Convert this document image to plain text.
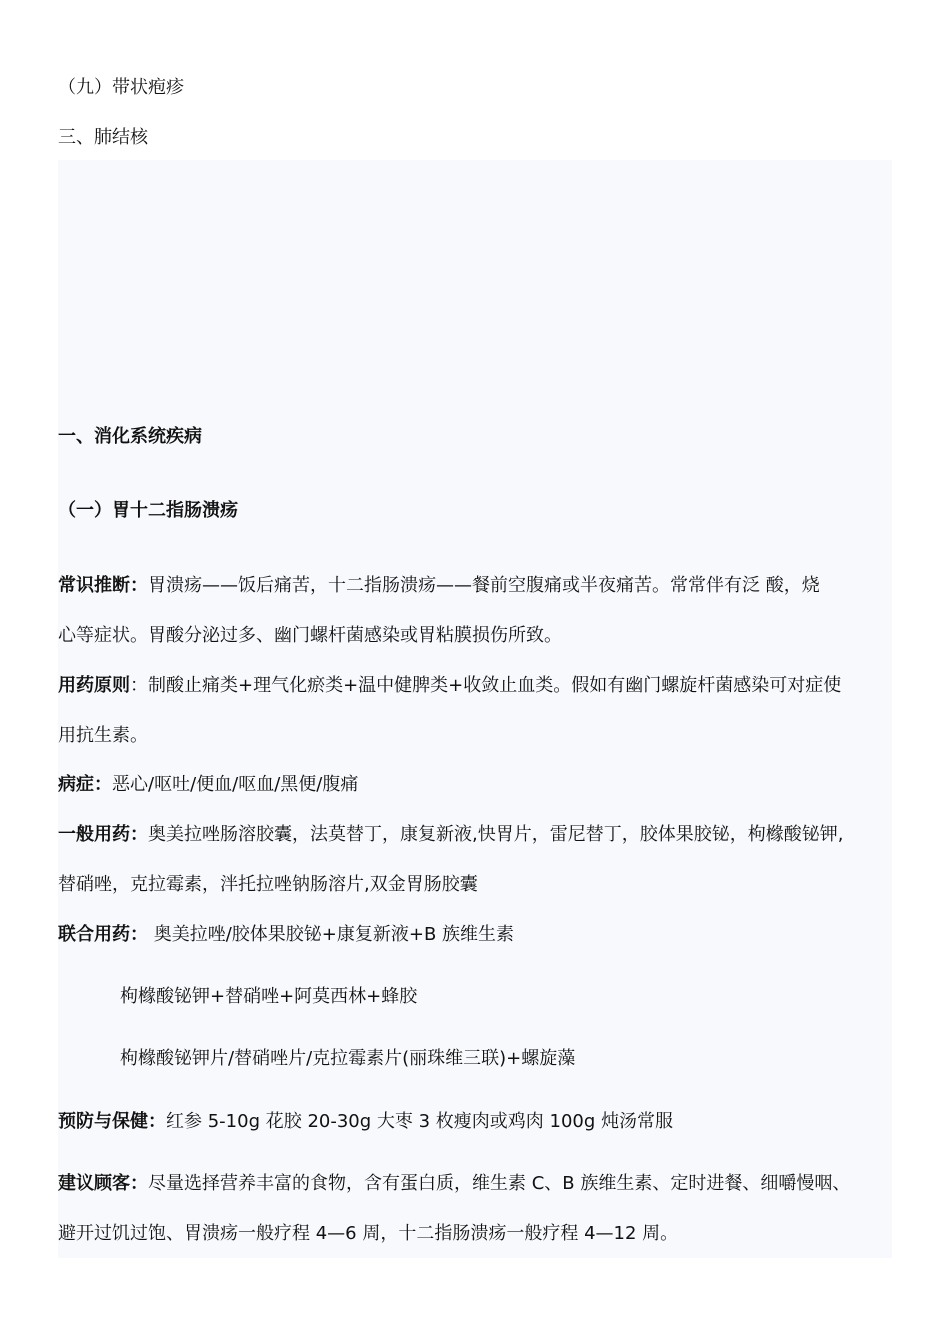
（九）带状疱疹
三、肺结核
一、消化系统疾病
（一）胃十二指肠溃疡
常识推断：胃溃疡——饭后痛苦，十二指肠溃疡——餐前空腹痛或半夜痛苦。常常伴有泛 酸，烧
心等症状。胃酸分泌过多、幽门螺杆菌感染或胃粘膜损伤所致。
用药原则：制酸止痛类+理气化瘀类+温中健脾类+收敛止血类。假如有幽门螺旋杆菌感染可对症使
用抗生素。
病症：恶心/呕吐/便血/呕血/黑便/腹痛
一般用药：奥美拉唑肠溶胶囊，法莫替丁，康复新液,快胃片，雷尼替丁，胶体果胶铋，枸橼酸铋钾,
替硝唑，克拉霉素，泮托拉唑钠肠溶片,双金胃肠胶囊
联合用药： 奥美拉唑/胶体果胶铋+康复新液+B 族维生素
枸橼酸铋钾+替硝唑+阿莫西林+蜂胶
枸橼酸铋钾片/替硝唑片/克拉霉素片(丽珠维三联)+螺旋藻
预防与保健：红参 5-10g 花胶 20-30g 大枣 3 枚瘦肉或鸡肉 100g 炖汤常服
建议顾客：尽量选择营养丰富的食物，含有蛋白质，维生素 C、B 族维生素、定时进餐、细嚼慢咽、
避开过饥过饱、胃溃疡一般疗程 4—6 周，十二指肠溃疡一般疗程 4—12 周。
